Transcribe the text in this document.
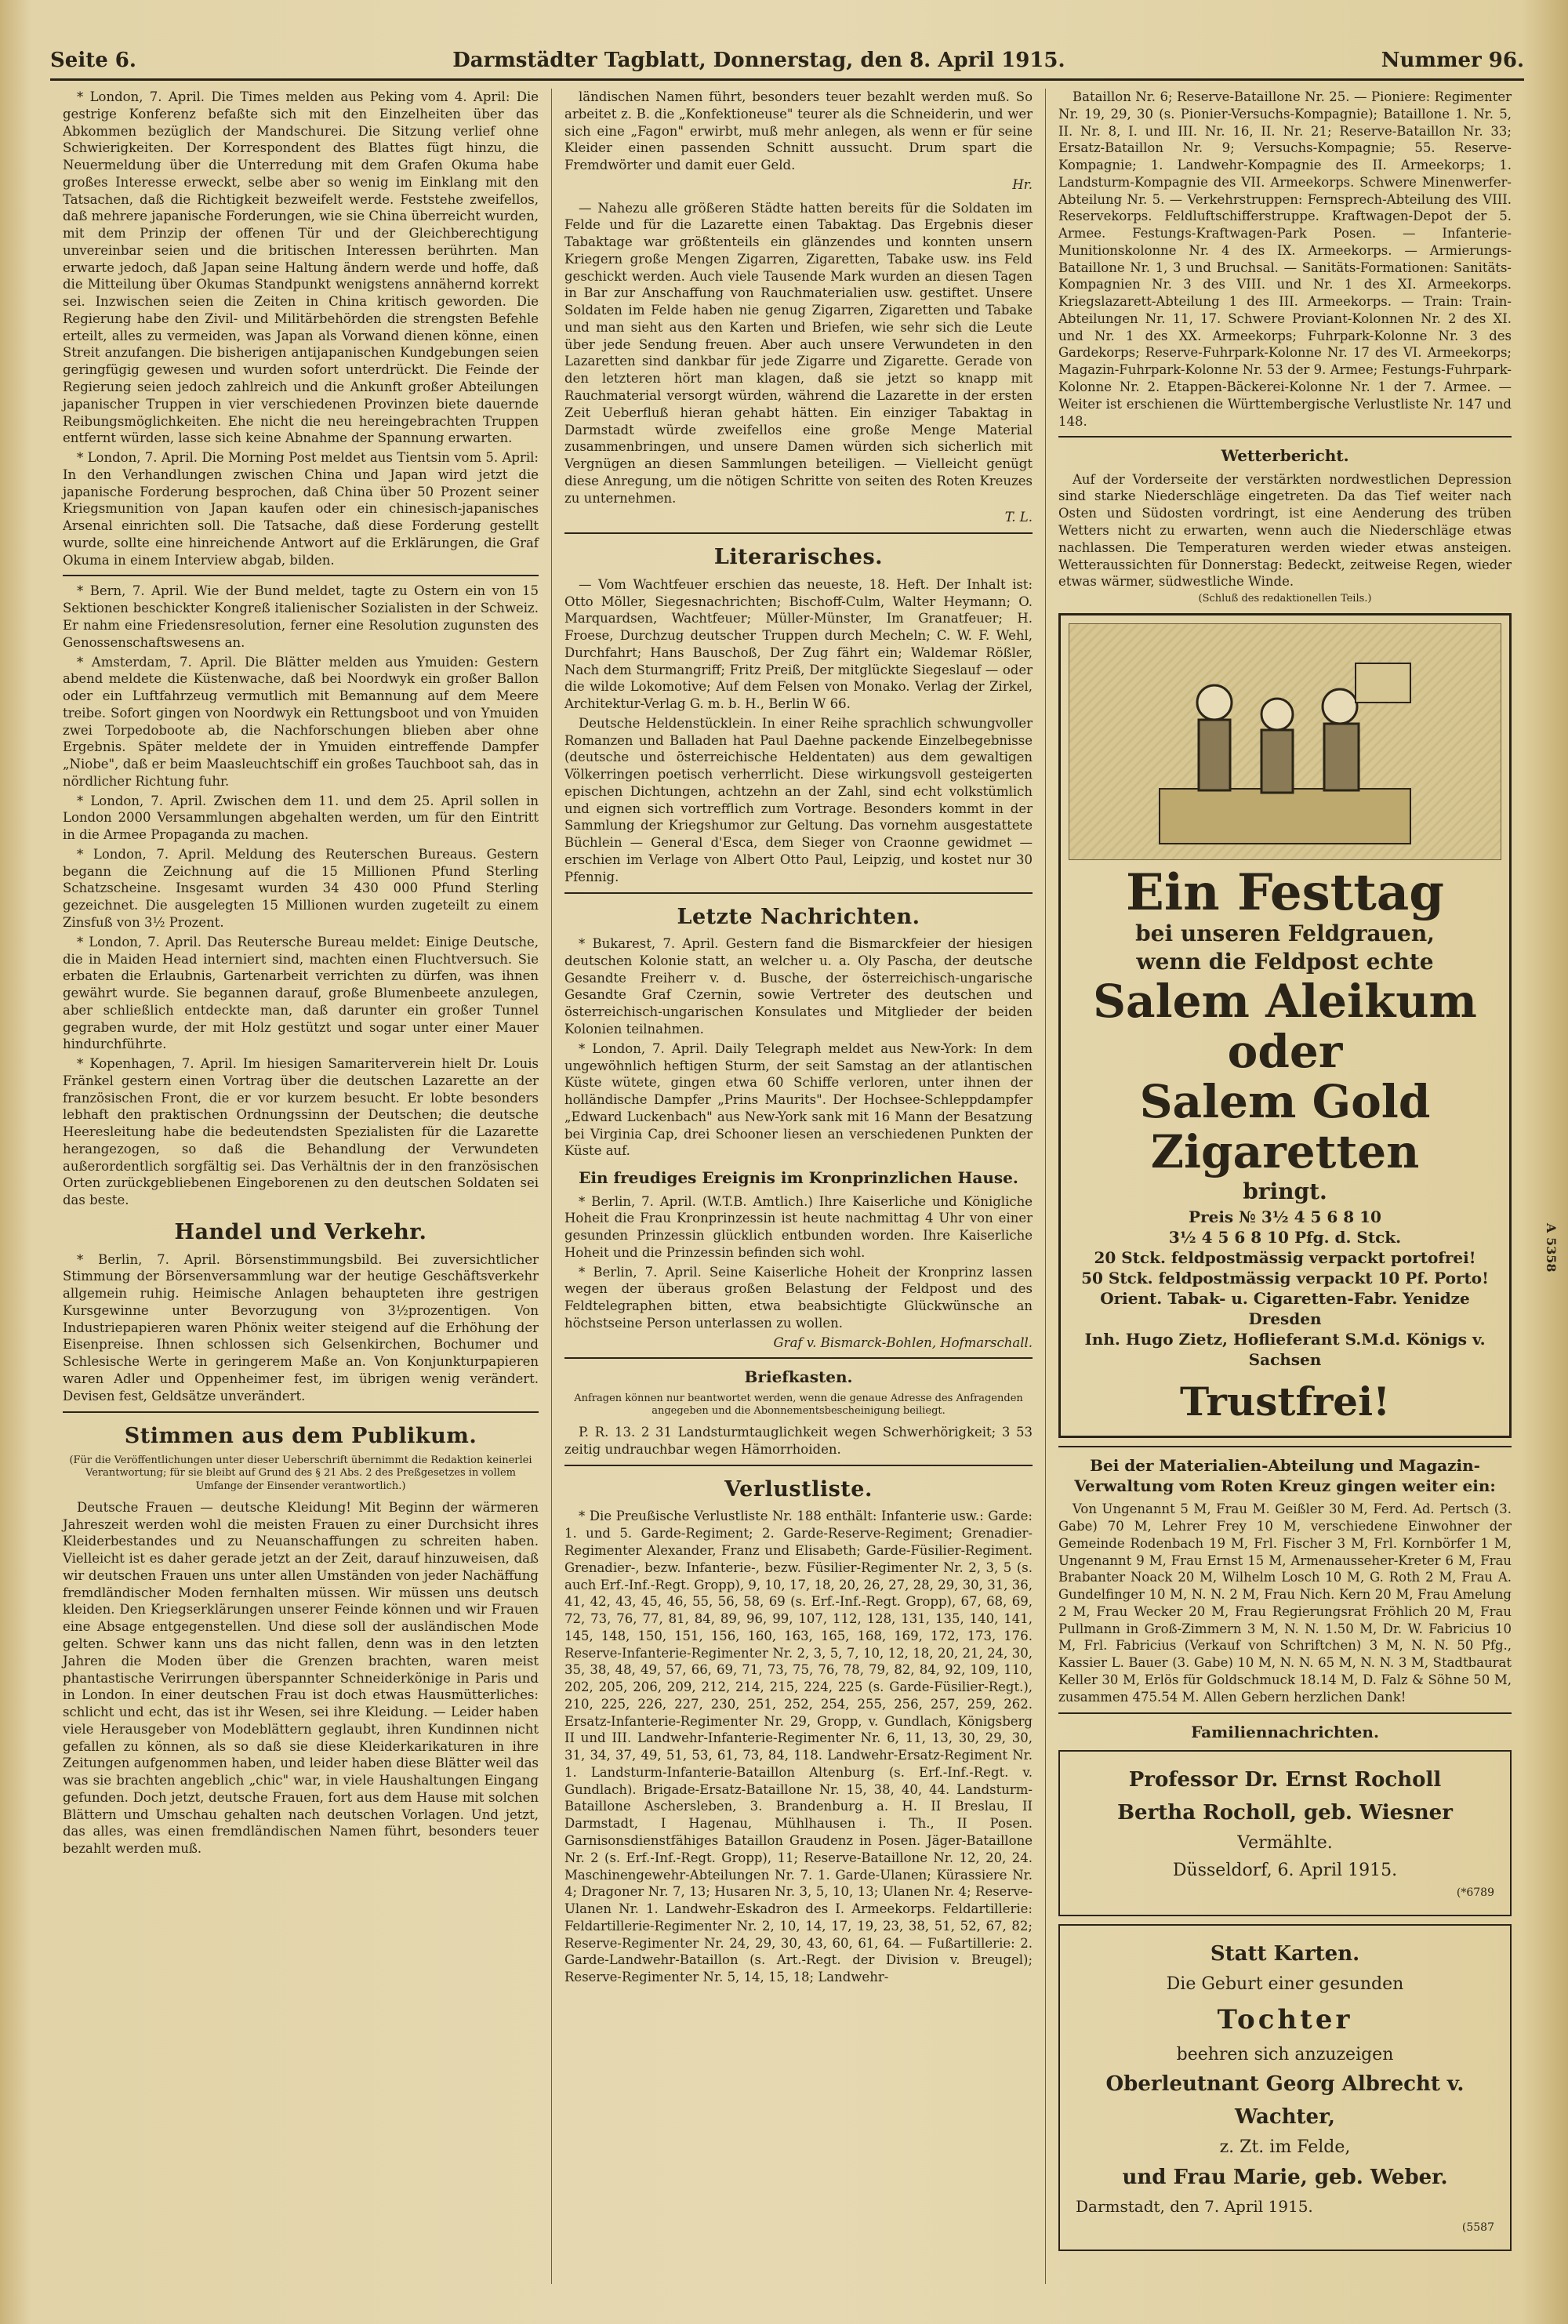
Seite 6.	Darmstädter Tagblatt, Donnerstag, den 8. April 1915.	Nummer 96.

* London, 7. April. Die Times melden aus Peking vom 4. April: Die gestrige Konferenz befaßte sich mit den Einzelheiten über das Abkommen bezüglich der Mandschurei. Die Sitzung verlief ohne Schwierigkeiten. Der Korrespondent des Blattes fügt hinzu, die Neuermeldung über die Unterredung mit dem Grafen Okuma habe großes Interesse erweckt, selbe aber so wenig im Einklang mit den Tatsachen, daß die Richtigkeit bezweifelt werde. Feststehe zweifellos, daß mehrere japanische Forderungen, wie sie China überreicht wurden, mit dem Prinzip der offenen Tür und der Gleichberechtigung unvereinbar seien und die britischen Interessen berührten. Man erwarte jedoch, daß Japan seine Haltung ändern werde und hoffe, daß die Mitteilung über Okumas Standpunkt wenigstens annähernd korrekt sei. Inzwischen seien die Zeiten in China kritisch geworden. Die Regierung habe den Zivil- und Militärbehörden die strengsten Befehle erteilt, alles zu vermeiden, was Japan als Vorwand dienen könne, einen Streit anzufangen. Die bisherigen antijapanischen Kundgebungen seien geringfügig gewesen und wurden sofort unterdrückt. Die Feinde der Regierung seien jedoch zahlreich und die Ankunft großer Abteilungen japanischer Truppen in vier verschiedenen Provinzen biete dauernde Reibungsmöglichkeiten. Ehe nicht die neu hereingebrachten Truppen entfernt würden, lasse sich keine Abnahme der Spannung erwarten.

* London, 7. April. Die Morning Post meldet aus Tientsin vom 5. April: In den Verhandlungen zwischen China und Japan wird jetzt die japanische Forderung besprochen, daß China über 50 Prozent seiner Kriegsmunition von Japan kaufen oder ein chinesisch-japanisches Arsenal einrichten soll. Die Tatsache, daß diese Forderung gestellt wurde, sollte eine hinreichende Antwort auf die Erklärungen, die Graf Okuma in einem Interview abgab, bilden.

* Bern, 7. April. Wie der Bund meldet, tagte zu Ostern ein von 15 Sektionen beschickter Kongreß italienischer Sozialisten in der Schweiz. Er nahm eine Friedensresolution, ferner eine Resolution zugunsten des Genossenschaftswesens an.

* Amsterdam, 7. April. Die Blätter melden aus Ymuiden: Gestern abend meldete die Küstenwache, daß bei Noordwyk ein großer Ballon oder ein Luftfahrzeug vermutlich mit Bemannung auf dem Meere treibe. Sofort gingen von Noordwyk ein Rettungsboot und von Ymuiden zwei Torpedoboote ab, die Nachforschungen blieben aber ohne Ergebnis. Später meldete der in Ymuiden eintreffende Dampfer „Niobe", daß er beim Maasleuchtschiff ein großes Tauchboot sah, das in nördlicher Richtung fuhr.

* London, 7. April. Zwischen dem 11. und dem 25. April sollen in London 2000 Versammlungen abgehalten werden, um für den Eintritt in die Armee Propaganda zu machen.

* London, 7. April. Meldung des Reuterschen Bureaus. Gestern begann die Zeichnung auf die 15 Millionen Pfund Sterling Schatzscheine. Insgesamt wurden 34 430 000 Pfund Sterling gezeichnet. Die ausgelegten 15 Millionen wurden zugeteilt zu einem Zinsfuß von 3½ Prozent.

* London, 7. April. Das Reutersche Bureau meldet: Einige Deutsche, die in Maiden Head interniert sind, machten einen Fluchtversuch. Sie erbaten die Erlaubnis, Gartenarbeit verrichten zu dürfen, was ihnen gewährt wurde. Sie begannen darauf, große Blumenbeete anzulegen, aber schließlich entdeckte man, daß darunter ein großer Tunnel gegraben wurde, der mit Holz gestützt und sogar unter einer Mauer hindurchführte.

* Kopenhagen, 7. April. Im hiesigen Samariterverein hielt Dr. Louis Fränkel gestern einen Vortrag über die deutschen Lazarette an der französischen Front, die er vor kurzem besucht. Er lobte besonders lebhaft den praktischen Ordnungssinn der Deutschen; die deutsche Heeresleitung habe die bedeutendsten Spezialisten für die Lazarette herangezogen, so daß die Behandlung der Verwundeten außerordentlich sorgfältig sei. Das Verhältnis der in den französischen Orten zurückgebliebenen Eingeborenen zu den deutschen Soldaten sei das beste.

Handel und Verkehr.

* Berlin, 7. April. Börsenstimmungsbild. Bei zuversichtlicher Stimmung der Börsenversammlung war der heutige Geschäftsverkehr allgemein ruhig. Heimische Anlagen behaupteten ihre gestrigen Kursgewinne unter Bevorzugung von 3½prozentigen. Von Industriepapieren waren Phönix weiter steigend auf die Erhöhung der Eisenpreise. Ihnen schlossen sich Gelsenkirchen, Bochumer und Schlesische Werte in geringerem Maße an. Von Konjunkturpapieren waren Adler und Oppenheimer fest, im übrigen wenig verändert. Devisen fest, Geldsätze unverändert.

Stimmen aus dem Publikum.
(Für die Veröffentlichungen unter dieser Ueberschrift übernimmt die Redaktion keinerlei Verantwortung; für sie bleibt auf Grund des § 21 Abs. 2 des Preßgesetzes in vollem Umfange der Einsender verantwortlich.)

Deutsche Frauen — deutsche Kleidung! Mit Beginn der wärmeren Jahreszeit werden wohl die meisten Frauen zu einer Durchsicht ihres Kleiderbestandes und zu Neuanschaffungen zu schreiten haben. Vielleicht ist es daher gerade jetzt an der Zeit, darauf hinzuweisen, daß wir deutschen Frauen uns unter allen Umständen von jeder Nachäffung fremdländischer Moden fernhalten müssen. Wir müssen uns deutsch kleiden. Den Kriegserklärungen unserer Feinde können und wir Frauen eine Absage entgegenstellen. Und diese soll der ausländischen Mode gelten. Schwer kann uns das nicht fallen, denn was in den letzten Jahren die Moden über die Grenzen brachten, waren meist phantastische Verirrungen überspannter Schneiderkönige in Paris und in London. In einer deutschen Frau ist doch etwas Hausmütterliches: schlicht und echt, das ist ihr Wesen, sei ihre Kleidung. — Leider haben viele Herausgeber von Modeblättern geglaubt, ihren Kundinnen nicht gefallen zu können, als so daß sie diese Kleiderkarikaturen in ihre Zeitungen aufgenommen haben, und leider haben diese Blätter weil das was sie brachten angeblich „chic" war, in viele Haushaltungen Eingang gefunden. Doch jetzt, deutsche Frauen, fort aus dem Hause mit solchen Blättern und Umschau gehalten nach deutschen Vorlagen. Und jetzt, das alles, was einen fremdländischen Namen führt, besonders teuer bezahlt werden muß.

ländischen Namen führt, besonders teuer bezahlt werden muß. So arbeitet z. B. die „Konfektioneuse" teurer als die Schneiderin, und wer sich eine „Fagon" erwirbt, muß mehr anlegen, als wenn er für seine Kleider einen passenden Schnitt aussucht. Drum spart die Fremdwörter und damit euer Geld.

Hr.

— Nahezu alle größeren Städte hatten bereits für die Soldaten im Felde und für die Lazarette einen Tabaktag. Das Ergebnis dieser Tabaktage war größtenteils ein glänzendes und konnten unsern Kriegern große Mengen Zigarren, Zigaretten, Tabake usw. ins Feld geschickt werden. Auch viele Tausende Mark wurden an diesen Tagen in Bar zur Anschaffung von Rauchmaterialien usw. gestiftet. Unsere Soldaten im Felde haben nie genug Zigarren, Zigaretten und Tabake und man sieht aus den Karten und Briefen, wie sehr sich die Leute über jede Sendung freuen. Aber auch unsere Verwundeten in den Lazaretten sind dankbar für jede Zigarre und Zigarette. Gerade von den letzteren hört man klagen, daß sie jetzt so knapp mit Rauchmaterial versorgt würden, während die Lazarette in der ersten Zeit Ueberfluß hieran gehabt hätten. Ein einziger Tabaktag in Darmstadt würde zweifellos eine große Menge Material zusammenbringen, und unsere Damen würden sich sicherlich mit Vergnügen an diesen Sammlungen beteiligen. — Vielleicht genügt diese Anregung, um die nötigen Schritte von seiten des Roten Kreuzes zu unternehmen.

T. L.
Literarisches.

— Vom Wachtfeuer erschien das neueste, 18. Heft. Der Inhalt ist: Otto Möller, Siegesnachrichten; Bischoff-Culm, Walter Heymann; O. Marquardsen, Wachtfeuer; Müller-Münster, Im Granatfeuer; H. Froese, Durchzug deutscher Truppen durch Mecheln; C. W. F. Wehl, Durchfahrt; Hans Bauschoß, Der Zug fährt ein; Waldemar Rößler, Nach dem Sturmangriff; Fritz Preiß, Der mitglückte Siegeslauf — oder die wilde Lokomotive; Auf dem Felsen von Monako. Verlag der Zirkel, Architektur-Verlag G. m. b. H., Berlin W 66.

Deutsche Heldenstücklein. In einer Reihe sprachlich schwungvoller Romanzen und Balladen hat Paul Daehne packende Einzelbegebnisse (deutsche und österreichische Heldentaten) aus dem gewaltigen Völkerringen poetisch verherrlicht. Diese wirkungsvoll gesteigerten epischen Dichtungen, achtzehn an der Zahl, sind echt volkstümlich und eignen sich vortrefflich zum Vortrage. Besonders kommt in der Sammlung der Kriegshumor zur Geltung. Das vornehm ausgestattete Büchlein — General d'Esca, dem Sieger von Craonne gewidmet — erschien im Verlage von Albert Otto Paul, Leipzig, und kostet nur 30 Pfennig.

Letzte Nachrichten.

* Bukarest, 7. April. Gestern fand die Bismarckfeier der hiesigen deutschen Kolonie statt, an welcher u. a. Oly Pascha, der deutsche Gesandte Freiherr v. d. Busche, der österreichisch-ungarische Gesandte Graf Czernin, sowie Vertreter des deutschen und österreichisch-ungarischen Konsulates und Mitglieder der beiden Kolonien teilnahmen.

* London, 7. April. Daily Telegraph meldet aus New-York: In dem ungewöhnlich heftigen Sturm, der seit Samstag an der atlantischen Küste wütete, gingen etwa 60 Schiffe verloren, unter ihnen der holländische Dampfer „Prins Maurits". Der Hochsee-Schleppdampfer „Edward Luckenbach" aus New-York sank mit 16 Mann der Besatzung bei Virginia Cap, drei Schooner liesen an verschiedenen Punkten der Küste auf.

Ein freudiges Ereignis im Kronprinzlichen Hause.

* Berlin, 7. April. (W.T.B. Amtlich.) Ihre Kaiserliche und Königliche Hoheit die Frau Kronprinzessin ist heute nachmittag 4 Uhr von einer gesunden Prinzessin glücklich entbunden worden. Ihre Kaiserliche Hoheit und die Prinzessin befinden sich wohl.

* Berlin, 7. April. Seine Kaiserliche Hoheit der Kronprinz lassen wegen der überaus großen Belastung der Feldpost und des Feldtelegraphen bitten, etwa beabsichtigte Glückwünsche an höchstseine Person unterlassen zu wollen.

Graf v. Bismarck-Bohlen, Hofmarschall.
Briefkasten.
Anfragen können nur beantwortet werden, wenn die genaue Adresse des Anfragenden angegeben und die Abonnementsbescheinigung beiliegt.

P. R. 13. 2 31 Landsturmtauglichkeit wegen Schwerhörigkeit; 3 53 zeitig undrauchbar wegen Hämorrhoiden.

Verlustliste.

* Die Preußische Verlustliste Nr. 188 enthält: Infanterie usw.: Garde: 1. und 5. Garde-Regiment; 2. Garde-Reserve-Regiment; Grenadier-Regimenter Alexander, Franz und Elisabeth; Garde-Füsilier-Regiment. Grenadier-, bezw. Infanterie-, bezw. Füsilier-Regimenter Nr. 2, 3, 5 (s. auch Erf.-Inf.-Regt. Gropp), 9, 10, 17, 18, 20, 26, 27, 28, 29, 30, 31, 36, 41, 42, 43, 45, 46, 55, 56, 58, 69 (s. Erf.-Inf.-Regt. Gropp), 67, 68, 69, 72, 73, 76, 77, 81, 84, 89, 96, 99, 107, 112, 128, 131, 135, 140, 141, 145, 148, 150, 151, 156, 160, 163, 165, 168, 169, 172, 173, 176. Reserve-Infanterie-Regimenter Nr. 2, 3, 5, 7, 10, 12, 18, 20, 21, 24, 30, 35, 38, 48, 49, 57, 66, 69, 71, 73, 75, 76, 78, 79, 82, 84, 92, 109, 110, 202, 205, 206, 209, 212, 214, 215, 224, 225 (s. Garde-Füsilier-Regt.), 210, 225, 226, 227, 230, 251, 252, 254, 255, 256, 257, 259, 262. Ersatz-Infanterie-Regimenter Nr. 29, Gropp, v. Gundlach, Königsberg II und III. Landwehr-Infanterie-Regimenter Nr. 6, 11, 13, 30, 29, 30, 31, 34, 37, 49, 51, 53, 61, 73, 84, 118. Landwehr-Ersatz-Regiment Nr. 1. Landsturm-Infanterie-Bataillon Altenburg (s. Erf.-Inf.-Regt. v. Gundlach). Brigade-Ersatz-Bataillone Nr. 15, 38, 40, 44. Landsturm-Bataillone Aschersleben, 3. Brandenburg a. H. II Breslau, II Darmstadt, I Hagenau, Mühlhausen i. Th., II Posen. Garnisonsdienstfähiges Bataillon Graudenz in Posen. Jäger-Bataillone Nr. 2 (s. Erf.-Inf.-Regt. Gropp), 11; Reserve-Bataillone Nr. 12, 20, 24. Maschinengewehr-Abteilungen Nr. 7. 1. Garde-Ulanen; Kürassiere Nr. 4; Dragoner Nr. 7, 13; Husaren Nr. 3, 5, 10, 13; Ulanen Nr. 4; Reserve-Ulanen Nr. 1. Landwehr-Eskadron des I. Armeekorps. Feldartillerie: Feldartillerie-Regimenter Nr. 2, 10, 14, 17, 19, 23, 38, 51, 52, 67, 82; Reserve-Regimenter Nr. 24, 29, 30, 43, 60, 61, 64. — Fußartillerie: 2. Garde-Landwehr-Bataillon (s. Art.-Regt. der Division v. Breugel); Reserve-Regimenter Nr. 5, 14, 15, 18; Landwehr-

Bataillon Nr. 6; Reserve-Bataillone Nr. 25. — Pioniere: Regimenter Nr. 19, 29, 30 (s. Pionier-Versuchs-Kompagnie); Bataillone 1. Nr. 5, II. Nr. 8, I. und III. Nr. 16, II. Nr. 21; Reserve-Bataillon Nr. 33; Ersatz-Bataillon Nr. 9; Versuchs-Kompagnie; 55. Reserve-Kompagnie; 1. Landwehr-Kompagnie des II. Armeekorps; 1. Landsturm-Kompagnie des VII. Armeekorps. Schwere Minenwerfer-Abteilung Nr. 5. — Verkehrstruppen: Fernsprech-Abteilung des VIII. Reservekorps. Feldluftschifferstruppe. Kraftwagen-Depot der 5. Armee. Festungs-Kraftwagen-Park Posen. — Infanterie-Munitionskolonne Nr. 4 des IX. Armeekorps. — Armierungs-Bataillone Nr. 1, 3 und Bruchsal. — Sanitäts-Formationen: Sanitäts-Kompagnien Nr. 3 des VIII. und Nr. 1 des XI. Armeekorps. Kriegslazarett-Abteilung 1 des III. Armeekorps. — Train: Train-Abteilungen Nr. 11, 17. Schwere Proviant-Kolonnen Nr. 2 des XI. und Nr. 1 des XX. Armeekorps; Fuhrpark-Kolonne Nr. 3 des Gardekorps; Reserve-Fuhrpark-Kolonne Nr. 17 des VI. Armeekorps; Magazin-Fuhrpark-Kolonne Nr. 53 der 9. Armee; Festungs-Fuhrpark-Kolonne Nr. 2. Etappen-Bäckerei-Kolonne Nr. 1 der 7. Armee. — Weiter ist erschienen die Württembergische Verlustliste Nr. 147 und 148.

Wetterbericht.

Auf der Vorderseite der verstärkten nordwestlichen Depression sind starke Niederschläge eingetreten. Da das Tief weiter nach Osten und Südosten vordringt, ist eine Aenderung des trüben Wetters nicht zu erwarten, wenn auch die Niederschläge etwas nachlassen. Die Temperaturen werden wieder etwas ansteigen. Wetteraussichten für Donnerstag: Bedeckt, zeitweise Regen, wieder etwas wärmer, südwestliche Winde.

(Schluß des redaktionellen Teils.)
Ein Festtag
bei unseren Feldgrauen,
wenn die Feldpost echte
Salem Aleikum oder
Salem Gold Zigaretten
bringt.
Preis № 3½ 4 5 6 8 10
3½ 4 5 6 8 10 Pfg. d. Stck.
20 Stck. feldpostmässig verpackt portofrei!
50 Stck. feldpostmässig verpackt 10 Pf. Porto!
Orient. Tabak- u. Cigaretten-Fabr. Yenidze Dresden
Inh. Hugo Zietz, Hoflieferant S.M.d. Königs v. Sachsen
Trustfrei!
Bei der Materialien-Abteilung und Magazin-Verwaltung vom Roten Kreuz gingen weiter ein:

Von Ungenannt 5 M, Frau M. Geißler 30 M, Ferd. Ad. Pertsch (3. Gabe) 70 M, Lehrer Frey 10 M, verschiedene Einwohner der Gemeinde Rodenbach 19 M, Frl. Fischer 3 M, Frl. Kornbörfer 1 M, Ungenannt 9 M, Frau Ernst 15 M, Armenausseher-Kreter 6 M, Frau Brabanter Noack 20 M, Wilhelm Losch 10 M, G. Roth 2 M, Frau A. Gundelfinger 10 M, N. N. 2 M, Frau Nich. Kern 20 M, Frau Amelung 2 M, Frau Wecker 20 M, Frau Regierungsrat Fröhlich 20 M, Frau Pullmann in Groß-Zimmern 3 M, N. N. 1.50 M, Dr. W. Fabricius 10 M, Frl. Fabricius (Verkauf von Schriftchen) 3 M, N. N. 50 Pfg., Kassier L. Bauer (3. Gabe) 10 M, N. N. 65 M, N. N. 3 M, Stadtbaurat Keller 30 M, Erlös für Goldschmuck 18.14 M, D. Falz & Söhne 50 M, zusammen 475.54 M. Allen Gebern herzlichen Dank!

Familiennachrichten.
Professor Dr. Ernst Rocholl
Bertha Rocholl, geb. Wiesner
Vermählte.
Düsseldorf, 6. April 1915.
(*6789
Statt Karten.
Die Geburt einer gesunden
Tochter
beehren sich anzuzeigen
Oberleutnant Georg Albrecht v. Wachter,
z. Zt. im Felde,
und Frau Marie, geb. Weber.
Darmstadt, den 7. April 1915.
(5587
A 5358
